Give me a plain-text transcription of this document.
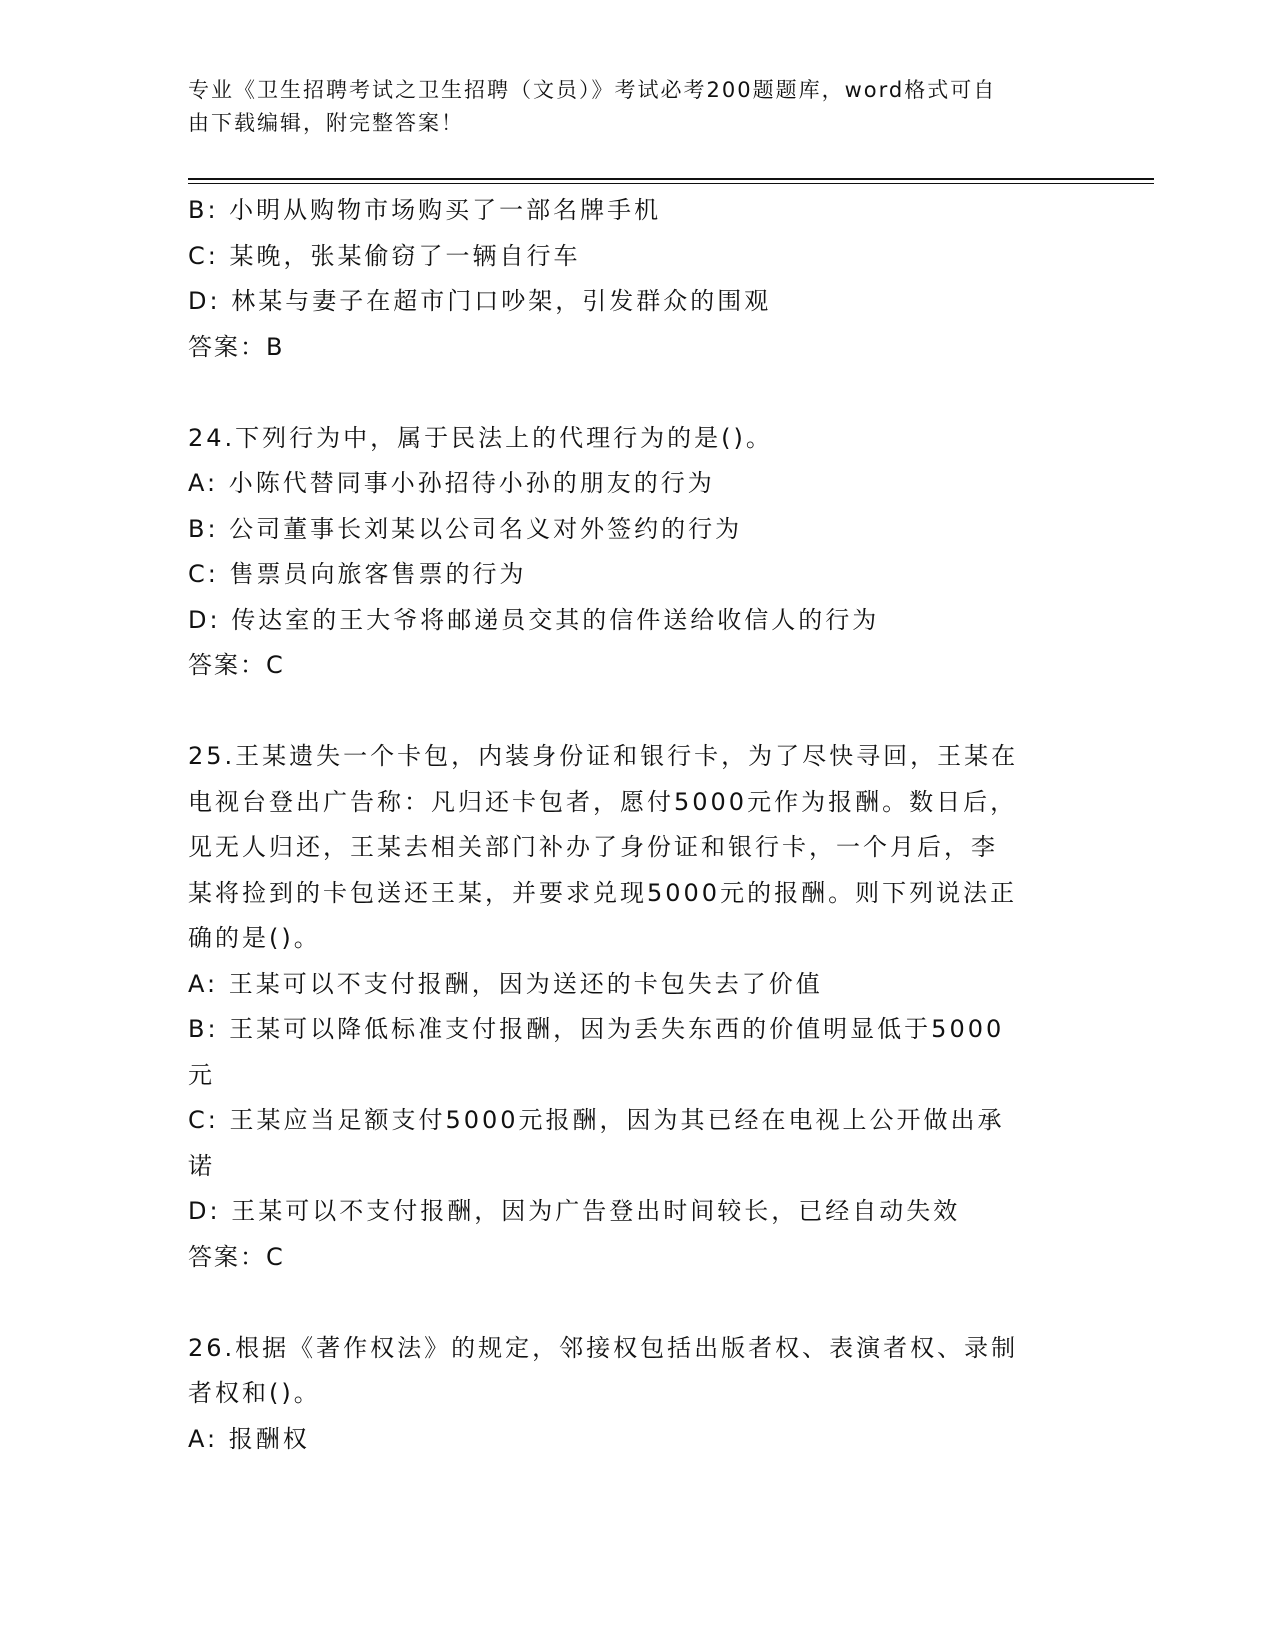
专业《卫生招聘考试之卫生招聘（文员）》考试必考200题题库，word格式可自
由下载编辑，附完整答案！
B: 小明从购物市场购买了一部名牌手机
C: 某晚，张某偷窃了一辆自行车
D: 林某与妻子在超市门口吵架，引发群众的围观
答案：B
24.下列行为中，属于民法上的代理行为的是()。
A: 小陈代替同事小孙招待小孙的朋友的行为
B: 公司董事长刘某以公司名义对外签约的行为
C: 售票员向旅客售票的行为
D: 传达室的王大爷将邮递员交其的信件送给收信人的行为
答案：C
25.王某遗失一个卡包，内装身份证和银行卡，为了尽快寻回，王某在
电视台登出广告称：凡归还卡包者，愿付5000元作为报酬。数日后，
见无人归还，王某去相关部门补办了身份证和银行卡，一个月后，李
某将捡到的卡包送还王某，并要求兑现5000元的报酬。则下列说法正
确的是()。
A: 王某可以不支付报酬，因为送还的卡包失去了价值
B: 王某可以降低标准支付报酬，因为丢失东西的价值明显低于5000
元
C: 王某应当足额支付5000元报酬，因为其已经在电视上公开做出承
诺
D: 王某可以不支付报酬，因为广告登出时间较长，已经自动失效
答案：C
26.根据《著作权法》的规定，邻接权包括出版者权、表演者权、录制
者权和()。
A: 报酬权
